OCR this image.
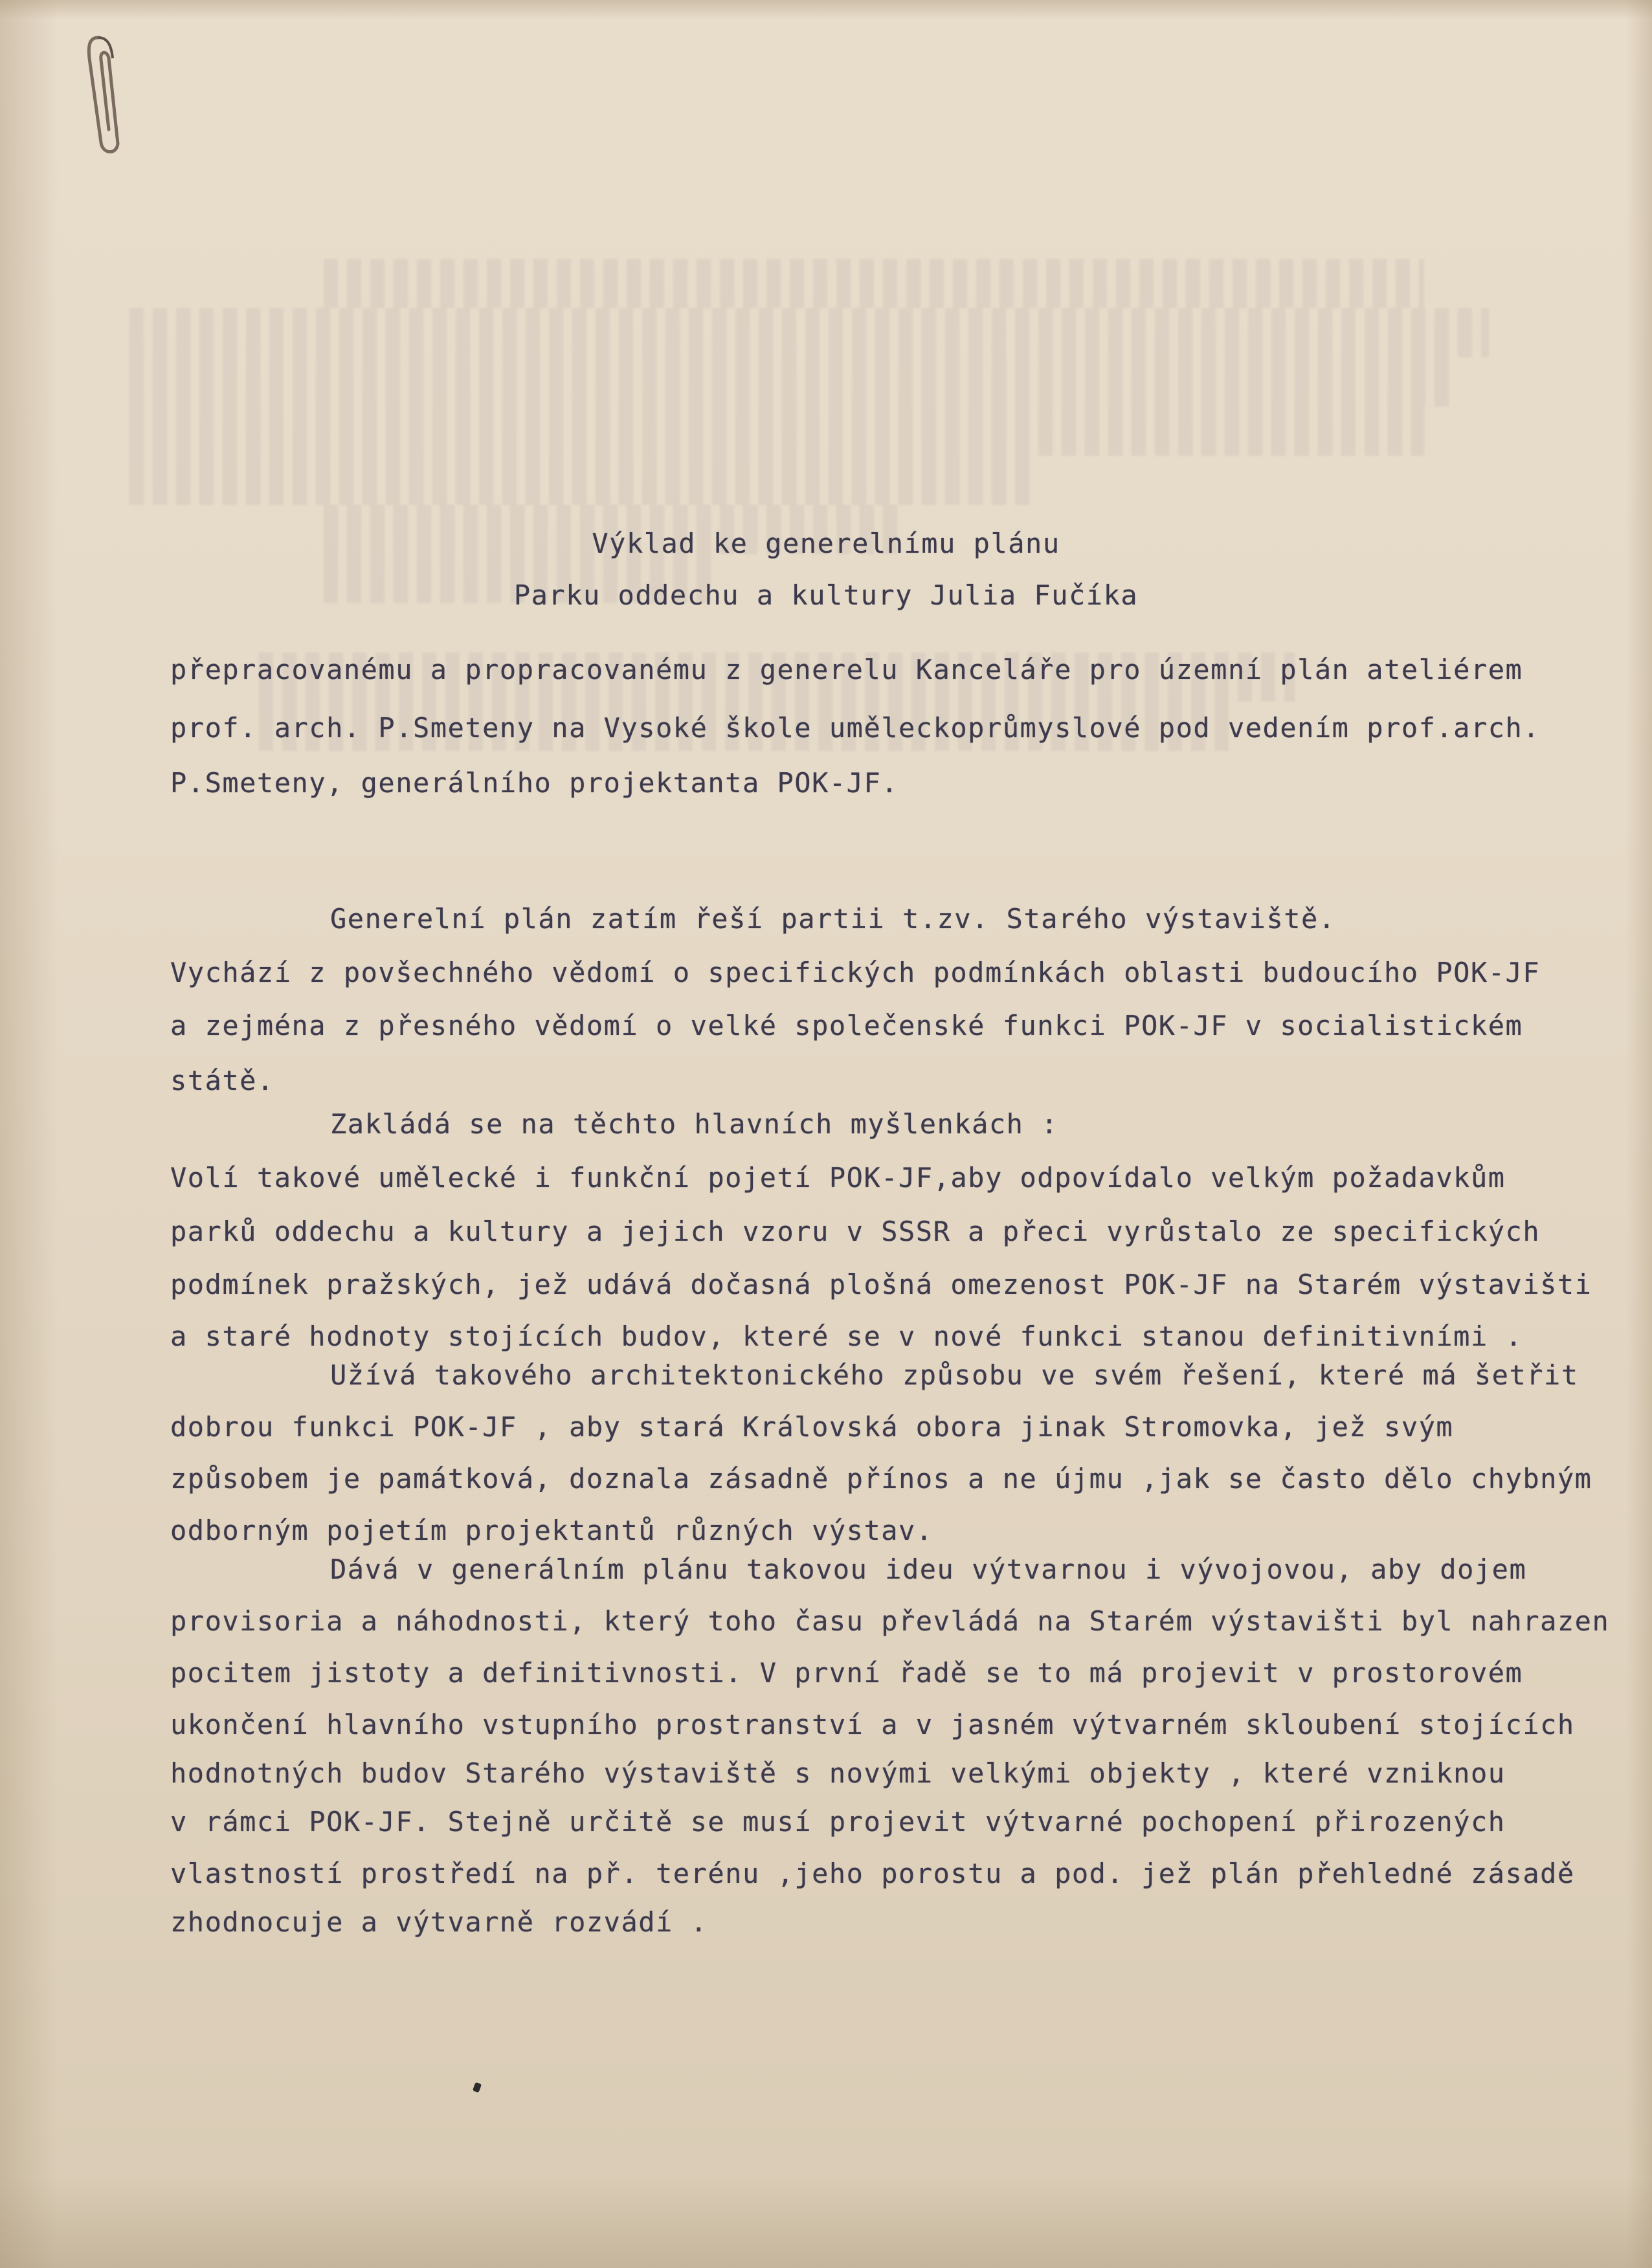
Výklad ke generelnímu plánu
Parku oddechu a kultury Julia Fučíka
přepracovanému a propracovanému z generelu Kanceláře pro územní plán ateliérem
prof. arch. P.Smeteny na Vysoké škole uměleckoprůmyslové pod vedením prof.arch.
P.Smeteny, generálního projektanta POK-JF.
Generelní plán zatím řeší partii t.zv. Starého výstaviště.
Vychází z povšechného vědomí o specifických podmínkách oblasti budoucího POK-JF
a zejména z přesného vědomí o velké společenské funkci POK-JF v socialistickém
státě.
Zakládá se na těchto hlavních myšlenkách :
Volí takové umělecké i funkční pojetí POK-JF,aby odpovídalo velkým požadavkům
parků oddechu a kultury a jejich vzoru v SSSR a přeci vyrůstalo ze specifických
podmínek pražských, jež udává dočasná plošná omezenost POK-JF na Starém výstavišti
a staré hodnoty stojících budov, které se v nové funkci stanou definitivními .
Užívá takového architektonického způsobu ve svém řešení, které má šetřit
dobrou funkci POK-JF , aby stará Královská obora jinak Stromovka, jež svým
způsobem je památková, doznala zásadně přínos a ne újmu ,jak se často dělo chybným
odborným pojetím projektantů různých výstav.
Dává v generálním plánu takovou ideu výtvarnou i vývojovou, aby dojem
provisoria a náhodnosti, který toho času převládá na Starém výstavišti byl nahrazen
pocitem jistoty a definitivnosti. V první řadě se to má projevit v prostorovém
ukončení hlavního vstupního prostranství a v jasném výtvarném skloubení stojících
hodnotných budov Starého výstaviště s novými velkými objekty , které vzniknou
v rámci POK-JF. Stejně určitě se musí projevit výtvarné pochopení přirozených
vlastností prostředí na př. terénu ,jeho porostu a pod. jež plán přehledné zásadě
zhodnocuje a výtvarně rozvádí .
